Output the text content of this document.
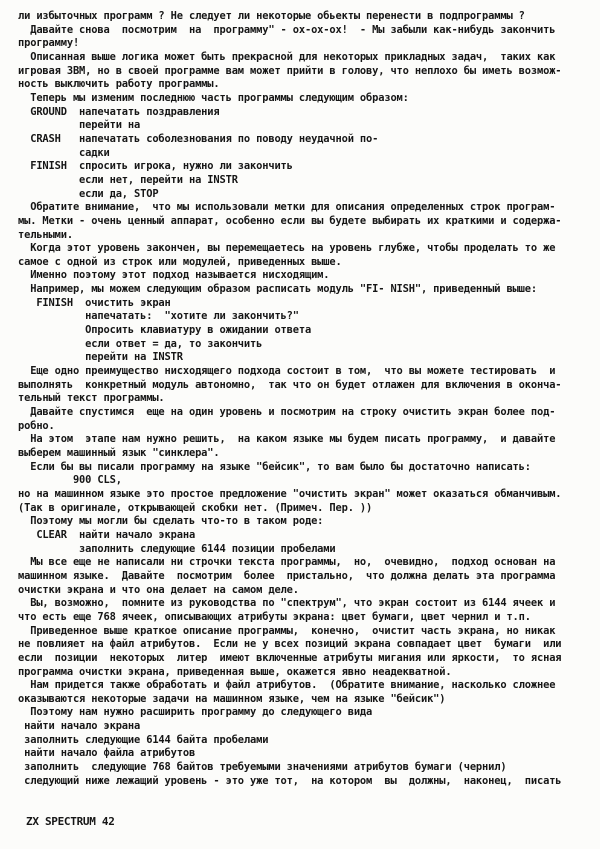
ли избыточных программ ? Не следует ли некоторые обьекты перенести в подпрограммы ?
Давайте снова  посмотрим  на  программу" - ох-ох-ох!  - Мы забыли как-нибудь закончить
программу!
Описанная выше логика может быть прекрасной для некоторых прикладных задач,  таких как
игровая ЗВМ, но в своей программе вам может прийти в голову, что неплохо бы иметь возмож-
ность выключить работу программы.
Теперь мы изменим последнюю часть программы следующим образом:
GROUND  напечатать поздравления
перейти на
CRASH   напечатать соболезнования по поводу неудачной по-
садки
FINISH  спросить игрока, нужно ли закончить
если нет, перейти на INSTR
если да, STOP
Обратите внимание,  что мы использовали метки для описания определенных строк програм-
мы. Метки - очень ценный аппарат, особенно если вы будете выбирать их краткими и содержа-
тельными.
Когда этот уровень закончен, вы перемещаетесь на уровень глубже, чтобы проделать то же
самое с одной из строк или модулей, приведенных выше.
Именно поэтому этот подход называется нисходящим.
Например, мы можем следующим образом расписать модуль "FI- NISH", приведенный выше:
FINISH  очистить экран
напечатать:  "хотите ли закончить?"
Опросить клавиатуру в ожидании ответа
если ответ = да, то закончить
перейти на INSTR
Еще одно преимущество нисходящего подхода состоит в том,  что вы можете тестировать  и
выполнять  конкретный модуль автономно,  так что он будет отлажен для включения в оконча-
тельный текст программы.
Давайте спустимся  еще на один уровень и посмотрим на строку очистить экран более под-
робно.
На этом  этапе нам нужно решить,  на каком языке мы будем писать программу,  и давайте
выберем машинный язык "синклера".
Если бы вы писали программу на языке "бейсик", то вам было бы достаточно написать:
900 CLS,
но на машинном языке это простое предложение "очистить экран" может оказаться обманчивым.
(Так в оригинале, открывающей скобки нет. (Примеч. Пер. ))
Поэтому мы могли бы сделать что-то в таком роде:
CLEAR  найти начало экрана
заполнить следующие 6144 позиции пробелами
Мы все еще не написали ни строчки текста программы,  но,  очевидно,  подход основан на
машинном языке.  Давайте  посмотрим  более  пристально,  что должна делать эта программа
очистки экрана и что она делает на самом деле.
Вы, возможно,  помните из руководства по "спектрум", что экран состоит из 6144 ячеек и
что есть еще 768 ячеек, описывающих атрибуты экрана: цвет бумаги, цвет чернил и т.п.
Приведенное выше краткое описание программы,  конечно,  очистит часть экрана, но никак
не повлияет на файл атрибутов.  Если не у всех позиций экрана совпадает цвет  бумаги  или
если  позиции  некоторых  литер  имеют включенные атрибуты мигания или яркости,  то ясная
программа очистки экрана, приведенная выше, окажется явно неадекватной.
Нам придется также обработать и файл атрибутов.  (Обратите внимание, насколько сложнее
оказываются некоторые задачи на машинном языке, чем на языке "бейсик")
Поэтому нам нужно расширить программу до следующего вида
найти начало экрана
заполнить следующие 6144 байта пробелами
найти начало файла атрибутов
заполнить  следующие 768 байтов требуемыми значениями атрибутов бумаги (чернил)
следующий ниже лежащий уровень - это уже тот,  на котором  вы  должны,  наконец,  писать
ZX SPECTRUM 42
